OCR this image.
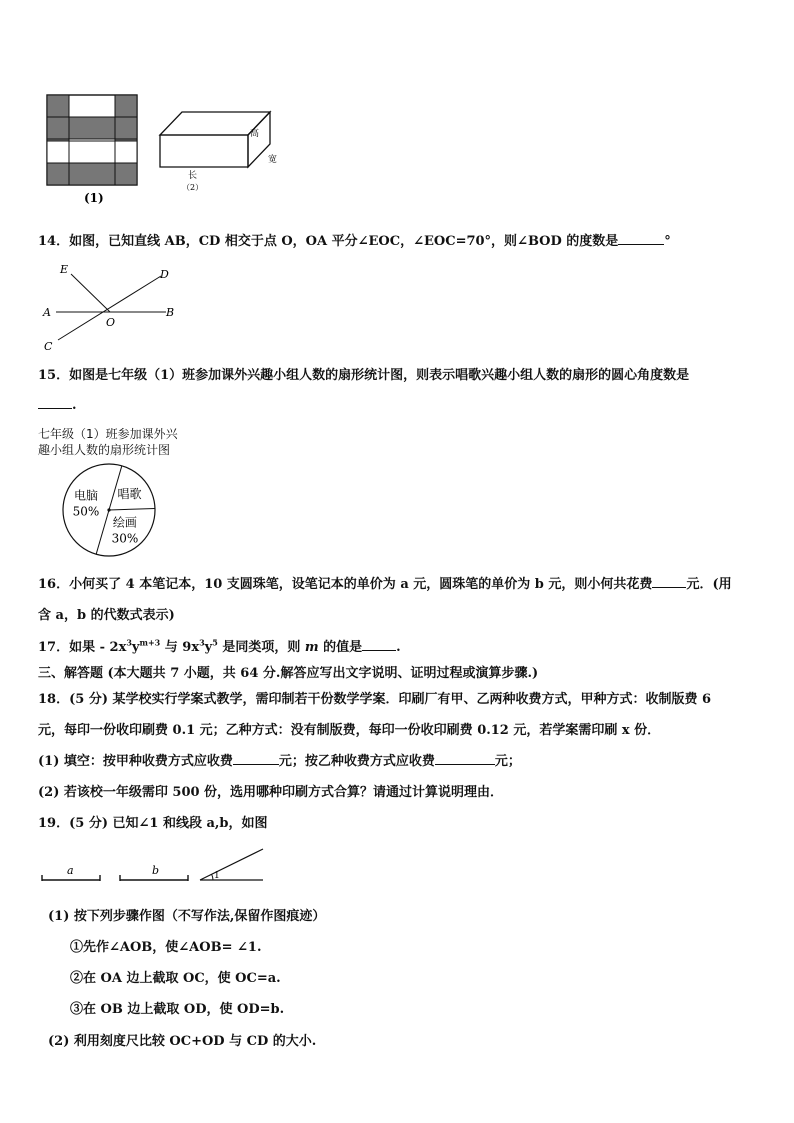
(1)
高
宽
长
（2）
14．如图，已知直线 AB，CD 相交于点 O，OA 平分∠EOC，∠EOC=70°，则∠BOD 的度数是	°
E	D
A
O
B
C
15．如图是七年级（1）班参加课外兴趣小组人数的扇形统计图，则表示唱歌兴趣小组人数的扇形的圆心角度数是
.
七年级（1）班参加课外兴
趣小组人数的扇形统计图
电脑
50%
唱歌
绘画
30%
16．小何买了 4 本笔记本，10 支圆珠笔，设笔记本的单价为 a 元，圆珠笔的单价为 b 元，则小何共花费	元．(用
含 a，b 的代数式表示)
17．如果 - $2x^3y^{m+3}$ 与 $9x^3y^5$ 是同类项，则 m 的值是	.
三、解答题 (本大题共 7 小题，共 64 分.解答应写出文字说明、证明过程或演算步骤.)
18．(5 分) 某学校实行学案式教学，需印制若干份数学学案．印刷厂有甲、乙两种收费方式，甲种方式：收制版费 6
元，每印一份收印刷费 0.1 元；乙种方式：没有制版费，每印一份收印刷费 0.12 元，若学案需印刷 x 份．
(1) 填空：按甲种收费方式应收费	元；按乙种收费方式应收费	元；
(2) 若该校一年级需印 500 份，选用哪种印刷方式合算？请通过计算说明理由．
19．(5 分) 已知∠1 和线段 a,b，如图
a	b	1
(1) 按下列步骤作图（不写作法,保留作图痕迹）
①先作∠AOB，使∠AOB= ∠1.
②在 OA 边上截取 OC，使 OC=a.
③在 OB 边上截取 OD，使 OD=b.
(2) 利用刻度尺比较 OC+OD 与 CD 的大小.
